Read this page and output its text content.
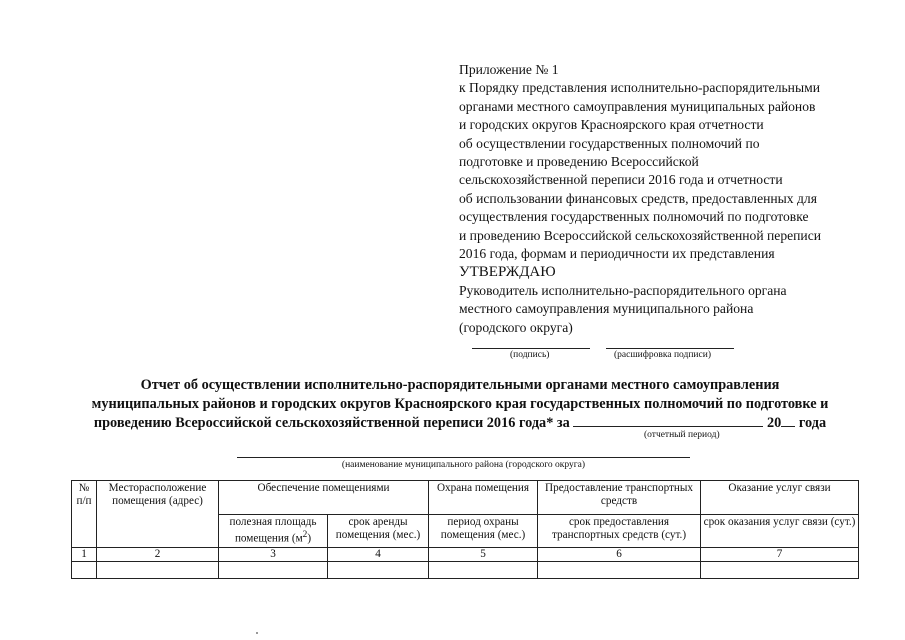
Приложение № 1
к Порядку представления исполнительно-распорядительными
органами местного самоуправления муниципальных районов
и городских округов Красноярского края отчетности
об осуществлении государственных полномочий по
подготовке и проведению Всероссийской
сельскохозяйственной переписи 2016 года и отчетности
об использовании финансовых средств, предоставленных для
осуществления государственных полномочий по подготовке
и проведению Всероссийской сельскохозяйственной переписи
2016 года, формам и периодичности их представления
УТВЕРЖДАЮ
Руководитель исполнительно-распорядительного органа
местного самоуправления муниципального района
(городского округа)
(подпись)	(расшифровка подписи)
Отчет об осуществлении исполнительно-распорядительными органами местного самоуправления
муниципальных районов и городских округов Красноярского края государственных полномочий по подготовке и
проведению Всероссийской сельскохозяйственной переписи 2016 года* за	20 года
(отчетный период)
(наименование муниципального района (городского округа)
№ п/п	Месторасположение помещения (адрес)	Обеспечение помещениями		Охрана помещения	Предоставление транспортных средств	Оказание услуг связи
		полезная площадь помещения $(м^2)$	срок аренды помещения (мес.)	период охраны помещения (мес.)	срок предоставления транспортных средств (сут.)	срок оказания услуг связи (сут.)
1	2	3	4	5	6	7
